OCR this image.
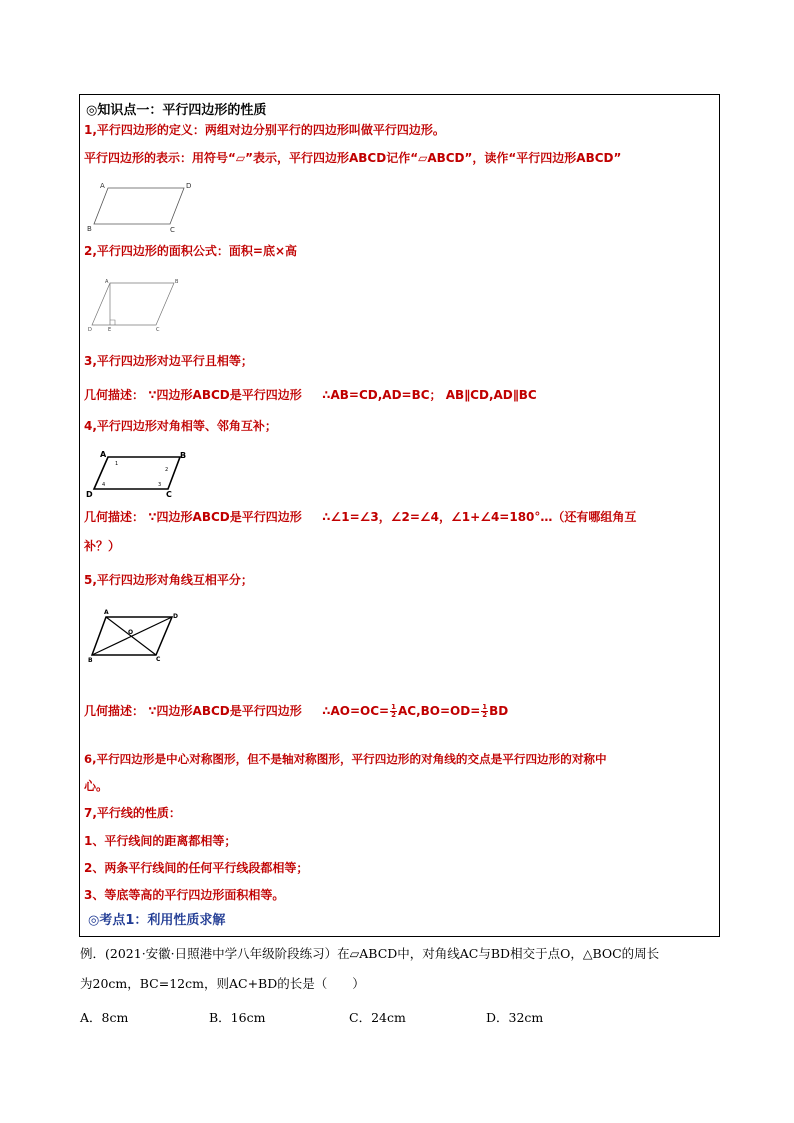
◎知识点一：平行四边形的性质
1,平行四边形的定义：两组对边分别平行的四边形叫做平行四边形。
平行四边形的表示：用符号“▱”表示，平行四边形ABCD记作“▱ABCD”，读作“平行四边形ABCD”
A	D
B	C
2,平行四边形的面积公式：面积=底×高
A	B
D	E	C
3,平行四边形对边平行且相等；
几何描述： ∵四边形ABCD是平行四边形 ∴AB=CD,AD=BC； AB∥CD,AD∥BC
4,平行四边形对角相等、邻角互补；
A	B
D	C
1
2
3
4
几何描述： ∵四边形ABCD是平行四边形 ∴∠1=∠3，∠2=∠4，∠1+∠4=180°…（还有哪组角互
补？）
5,平行四边形对角线互相平分；
A
D
O
B	C
几何描述： ∵四边形ABCD是平行四边形 ∴AO=OC= $\frac{1}{2} AC,BO=OD= \frac{1}{2}$ BD
6,平行四边形是中心对称图形，但不是轴对称图形，平行四边形的对角线的交点是平行四边形的对称中
心。
7,平行线的性质：
1、平行线间的距离都相等；
2、两条平行线间的任何平行线段都相等；
3、等底等高的平行四边形面积相等。
◎考点1：利用性质求解
例．(2021·安徽·日照港中学八年级阶段练习）在▱ABCD中，对角线AC与BD相交于点O，△BOC的周长
为20cm，BC=12cm，则AC+BD的长是（　　）
A．8cm	B．16cm	C．24cm	D．32cm
